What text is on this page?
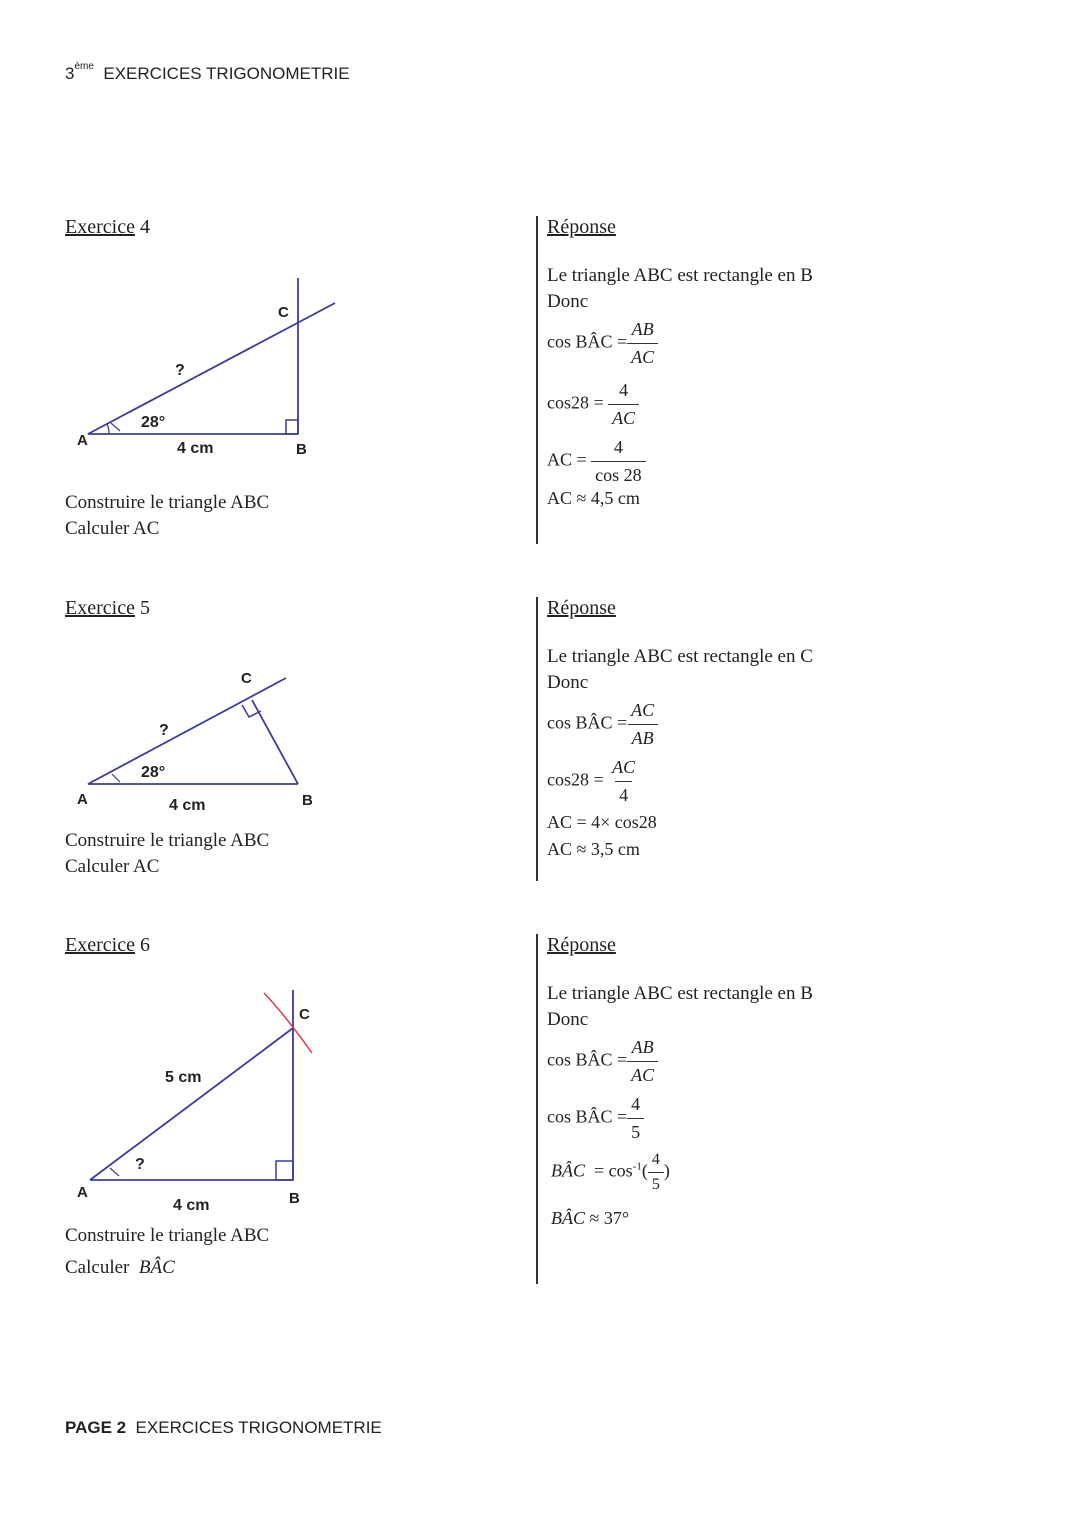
3ème EXERCICES TRIGONOMETRIE
Exercice 4
A
B
C
28°
4 cm
?
Construire le triangle ABC
Calculer AC
Réponse
Le triangle ABC est rectangle en B
Donc
cos BÂC = $\frac{AB}{AC}$
$\cos 28 = \frac{4}{AC}$
AC = $\frac{4}{\cos 28}$
AC ≈ 4,5 cm
Exercice 5
A	B
C
28°
4 cm
?
Construire le triangle ABC
Calculer AC
Réponse
Le triangle ABC est rectangle en C
Donc
cos BÂC = $\frac{AC}{AB}$
$\cos 28 = \frac{AC}{4}$
AC = 4× cos28
AC ≈ 3,5 cm
Exercice 6
A	B
C
5 cm
4 cm
?
Construire le triangle ABC
Calculer BÂC
Réponse
Le triangle ABC est rectangle en B
Donc
cos BÂC = $\frac{AB}{AC}$
cos BÂC = $\frac{4}{5}$
BÂC = $\cos^{-1}( \frac{4}{5}$ )
BÂC ≈ 37°
PAGE 2 EXERCICES TRIGONOMETRIE
